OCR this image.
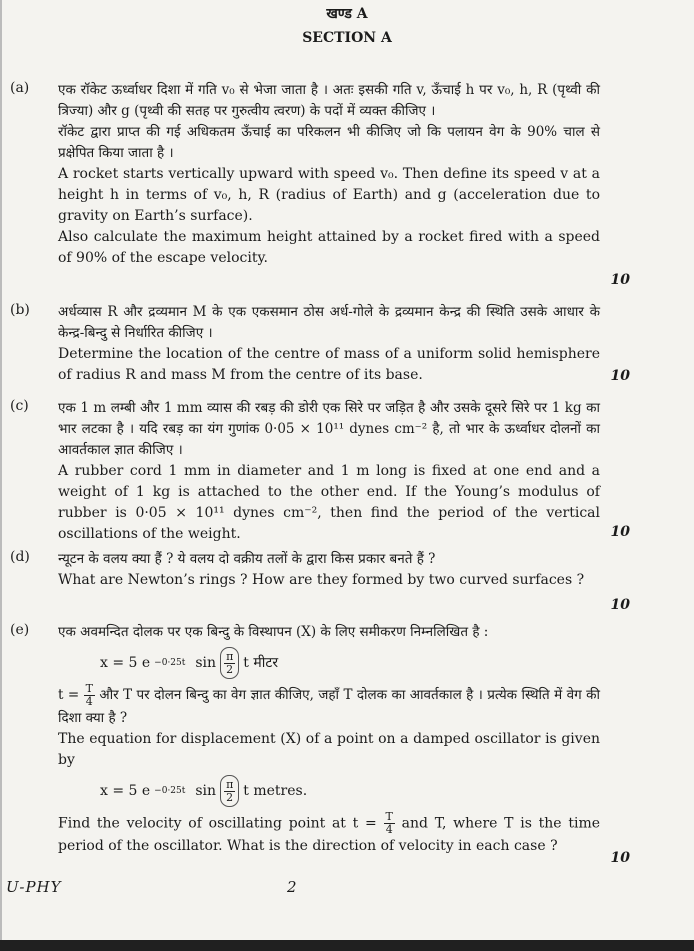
खण्ड A
SECTION A
(a) एक रॉकेट ऊर्ध्वाधर दिशा में गति v₀ से भेजा जाता है । अतः इसकी गति v, ऊँचाई h पर v₀, h, R (पृथ्वी की त्रिज्या) और g (पृथ्वी की सतह पर गुरुत्वीय त्वरण) के पदों में व्यक्त कीजिए ।

रॉकेट द्वारा प्राप्त की गई अधिकतम ऊँचाई का परिकलन भी कीजिए जो कि पलायन वेग के 90% चाल से प्रक्षेपित किया जाता है ।

A rocket starts vertically upward with speed v₀. Then define its speed v at a height h in terms of v₀, h, R (radius of Earth) and g (acceleration due to gravity on Earth’s surface).

Also calculate the maximum height attained by a rocket fired with a speed of 90% of the escape velocity.

10
(b) अर्धव्यास R और द्रव्यमान M के एक एकसमान ठोस अर्ध-गोले के द्रव्यमान केन्द्र की स्थिति उसके आधार के केन्द्र-बिन्दु से निर्धारित कीजिए ।

Determine the location of the centre of mass of a uniform solid hemisphere of radius R and mass M from the centre of its base.	10
(c) एक 1 m लम्बी और 1 mm व्यास की रबड़ की डोरी एक सिरे पर जड़ित है और उसके दूसरे सिरे पर 1 kg का भार लटका है । यदि रबड़ का यंग गुणांक 0·05 × 10¹¹ dynes cm⁻² है, तो भार के ऊर्ध्वाधर दोलनों का आवर्तकाल ज्ञात कीजिए ।

A rubber cord 1 mm in diameter and 1 m long is fixed at one end and a weight of 1 kg is attached to the other end. If the Young’s modulus of rubber is 0·05 × 10¹¹ dynes cm⁻², then find the period of the vertical oscillations of the weight.	10
(d) न्यूटन के वलय क्या हैं ? ये वलय दो वक्रीय तलों के द्वारा किस प्रकार बनते हैं ?

What are Newton’s rings ? How are they formed by two curved surfaces ?

10
(e) एक अवमन्दित दोलक पर एक बिन्दु के विस्थापन (X) के लिए समीकरण निम्नलिखित है :

x = 5 e −0·25t $\sin \frac{\pi}{2}$ t मीटर

$t = \frac{T}{4}$ और T पर दोलन बिन्दु का वेग ज्ञात कीजिए, जहाँ T दोलक का आवर्तकाल है । प्रत्येक स्थिति में वेग की दिशा क्या है ?

The equation for displacement (X) of a point on a damped oscillator is given by

x = 5 e −0·25t $\sin \frac{\pi}{2}$ t metres.

Find the velocity of oscillating point at $t = \frac{T}{4}$ and T, where T is the time period of the oscillator. What is the direction of velocity in each case ?

10
U-PHY	2
